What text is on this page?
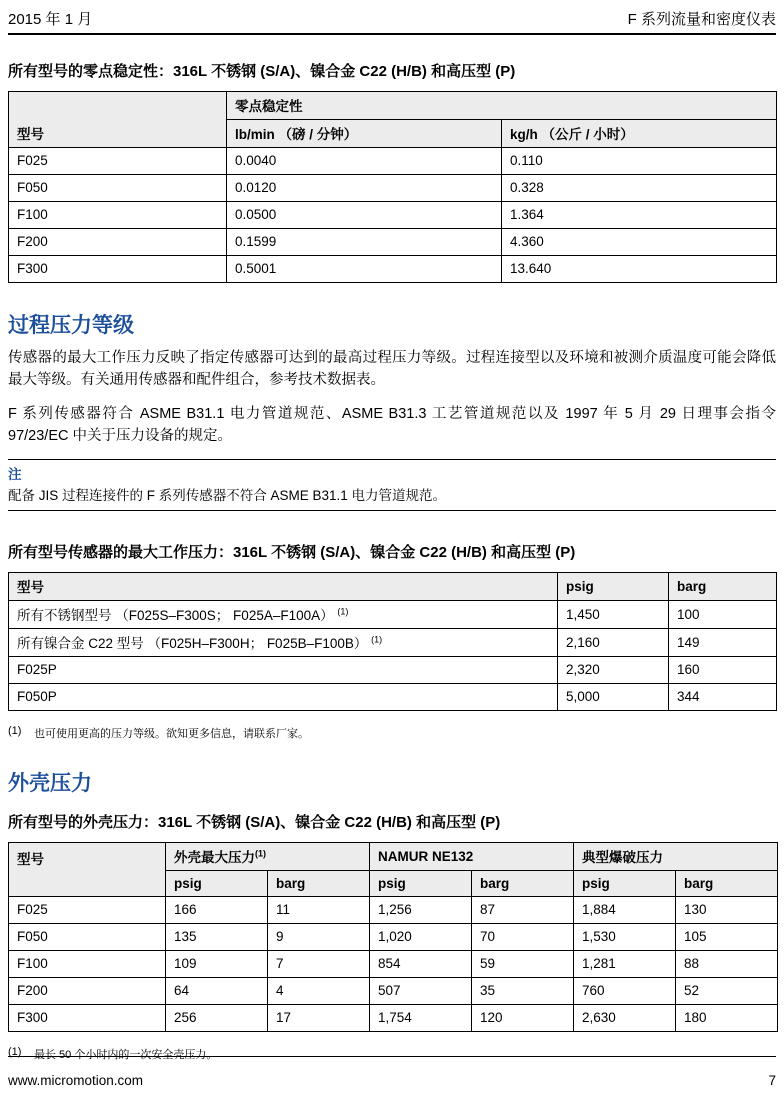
2015 年 1 月	F 系列流量和密度仪表
所有型号的零点稳定性：316L 不锈钢 (S/A)、镍合金 C22 (H/B) 和高压型 (P)
型号	零点稳定性	
	lb/min （磅 / 分钟）	kg/h （公斤 / 小时）
F025	0.0040	0.110
F050	0.0120	0.328
F100	0.0500	1.364
F200	0.1599	4.360
F300	0.5001	13.640
过程压力等级

传感器的最大工作压力反映了指定传感器可达到的最高过程压力等级。过程连接型以及环境和被测介质温度可能会降低最大等级。有关通用传感器和配件组合，参考技术数据表。

F 系列传感器符合 ASME B31.1 电力管道规范、ASME B31.3 工艺管道规范以及 1997 年 5 月 29 日理事会指令 97/23/EC 中关于压力设备的规定。

注
配备 JIS 过程连接件的 F 系列传感器不符合 ASME B31.1 电力管道规范。
所有型号传感器的最大工作压力：316L 不锈钢 (S/A)、镍合金 C22 (H/B) 和高压型 (P)
型号	psig	barg
所有不锈钢型号 （F025S–F300S； F025A–F100A） $^{(1)}$	1,450	100
所有镍合金 C22 型号 （F025H–F300H； F025B–F100B） $^{(1)}$	2,160	149
F025P	2,320	160
F050P	5,000	344
(1)	也可使用更高的压力等级。欲知更多信息，请联系厂家。
外壳压力
所有型号的外壳压力：316L 不锈钢 (S/A)、镍合金 C22 (H/B) 和高压型 (P)
型号	外壳最大压力$^{(1)}$		NAMUR NE132		典型爆破压力	
	psig	barg	psig	barg	psig	barg
F025	166	11	1,256	87	1,884	130
F050	135	9	1,020	70	1,530	105
F100	109	7	854	59	1,281	88
F200	64	4	507	35	760	52
F300	256	17	1,754	120	2,630	180
(1)	最长 50 个小时内的一次安全壳压力。
www.micromotion.com	7
